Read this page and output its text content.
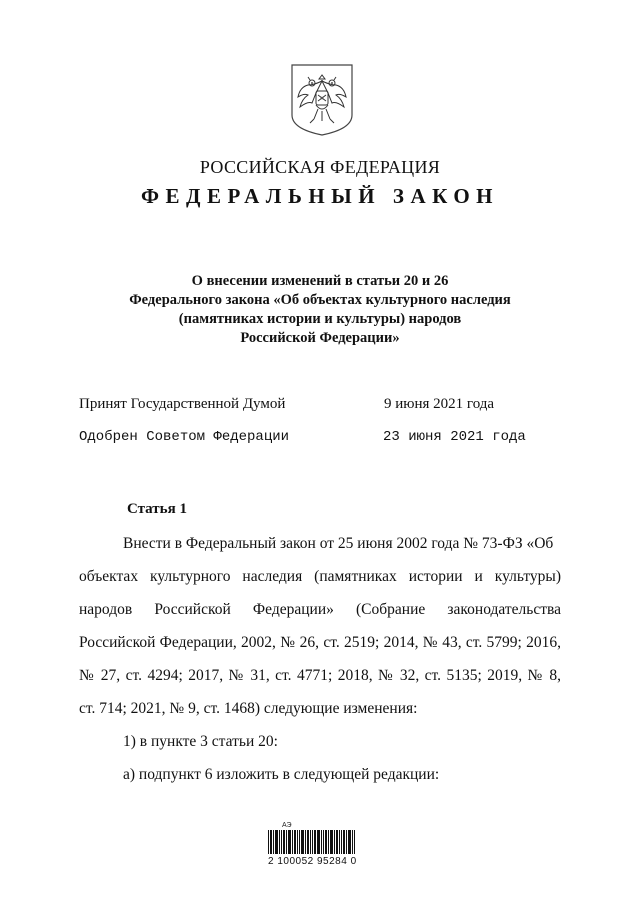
РОССИЙСКАЯ ФЕДЕРАЦИЯ
ФЕДЕРАЛЬНЫЙ ЗАКОН
О внесении изменений в статьи 20 и 26
Федерального закона «Об объектах культурного наследия
(памятниках истории и культуры) народов
Российской Федерации»
Принят Государственной Думой	9 июня 2021 года
Одобрен Советом Федерации	23 июня 2021 года
Статья 1
Внести в Федеральный закон от 25 июня 2002 года № 73-ФЗ «Об
объектах культурного наследия (памятниках истории и культуры)
народов Российской Федерации» (Собрание законодательства
Российской Федерации, 2002, № 26, ст. 2519; 2014, № 43, ст. 5799; 2016,
№ 27, ст. 4294; 2017, № 31, ст. 4771; 2018, № 32, ст. 5135; 2019, № 8,
ст. 714; 2021, № 9, ст. 1468) следующие изменения:
1) в пункте 3 статьи 20:
а) подпункт 6 изложить в следующей редакции:
АЭ
2 100052 95284 0
